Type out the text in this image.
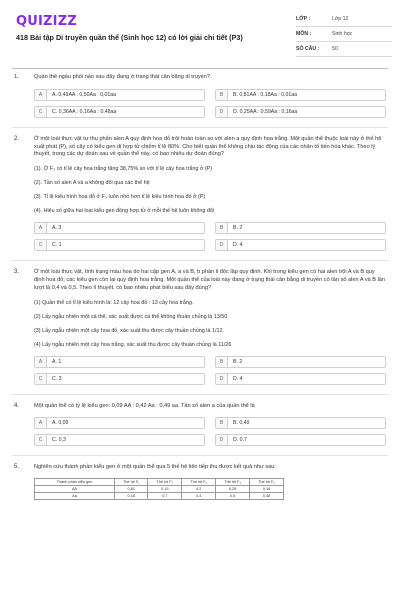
QUIZIZZ
418 Bài tập Di truyền quần thể (Sinh học 12) có lời giải chi tiết (P3)
LỚP :	Lớp 12
MÔN :	Sinh học
SỐ CÂU :	50
1.	Quần thể ngẫu phối nào sau đây đang ở trạng thái cân bằng di truyền?
A	A. 0,49AA : 0,50Aa : 0,01aa	B	B. 0,81AA : 0,18Aa : 0,01aa
C	C. 0,36AA : 0,16Aa : 0,48aa	D	D. 0,25AA : 0,59Aa : 0,16aa
2.	Ở một loài thực vật tự thụ phấn alen A quy định hoa đỏ trội hoàn toàn so với alen a quy định hoa trắng. Một quần thể thuộc loài này ở thế hệ xuất phát (P), số cây có kiểu gen dị hợp tử chiếm tỉ lệ 80%. Cho biết quần thể không chịu tác động của các nhân tố tiến hóa khác. Theo lý thuyết, trong các dự đoán sau về quần thể này, có bao nhiêu dự đoán đúng?
(1). Ở F₃ có tỉ lệ cây hoa trắng tăng 38,75% so với tỉ lệ cây hoa trắng ở (P)
(2). Tần số alen A và a không đổi qua các thế hệ
(3). Tỉ lệ kiểu hình hoa đỏ ở F₃ luôn nhỏ hơn tỉ lệ kiểu hình hoa đỏ ở (P)
(4). Hiệu số giữa hai loại kiểu gen đồng hợp tử ở mỗi thế hệ luôn không đổi
A	A. 3	B	B. 2
C	C. 1	D	D. 4
3.	Ở một loài thực vật, tính trạng màu hoa do hai cặp gen A, a và B, b phân li độc lập quy định. Khi trong kiểu gen có hai alen trội A và B quy định hoa đỏ; các kiểu gen còn lại quy định hoa trắng. Một quần thể của loài này đang ở trạng thái cân bằng di truyền có tần số alen A và B lần lượt là 0,4 và 0,5. Theo lí thuyết, có bao nhiêu phát biểu sau đây đúng?
(1) Quần thể có tỉ lệ kiểu hình là: 12 cây hoa đỏ : 13 cây hoa trắng.
(2) Lấy ngẫu nhiên một cá thể, xác suất được cá thể không thuần chủng là 13/50.
(3) Lấy ngẫu nhiên một cây hoa đỏ, xác suất thu được cây thuần chủng là 1/12.
(4) Lấy ngẫu nhiên một cây hoa trắng, xác suất thu được cây thuần chủng là 11/26
A	A. 1	B	B. 2
C	C. 3	D	D. 4
4.	Một quần thể có tỷ lệ kiểu gen: 0,09 AA : 0,42 Aa : 0,49 aa. Tần số alen a của quần thể là
A	A. 0,09	B	B. 0,49
C	C. 0,3	D	D. 0,7
5.	Nghiên cứu thành phần kiểu gen ở một quần thể qua 5 thế hệ liên tiếp thu được kết quả như sau:
Thành phần kiểu gen	Thế hệ F₁	Thế hệ F₂	Thế hệ F₃	Thế hệ F₄	Thế hệ F₅
AA	0,81	0,15	0,2	0,25	0,16
Aa	0,18	0,7	0,4	0,5	0,48
